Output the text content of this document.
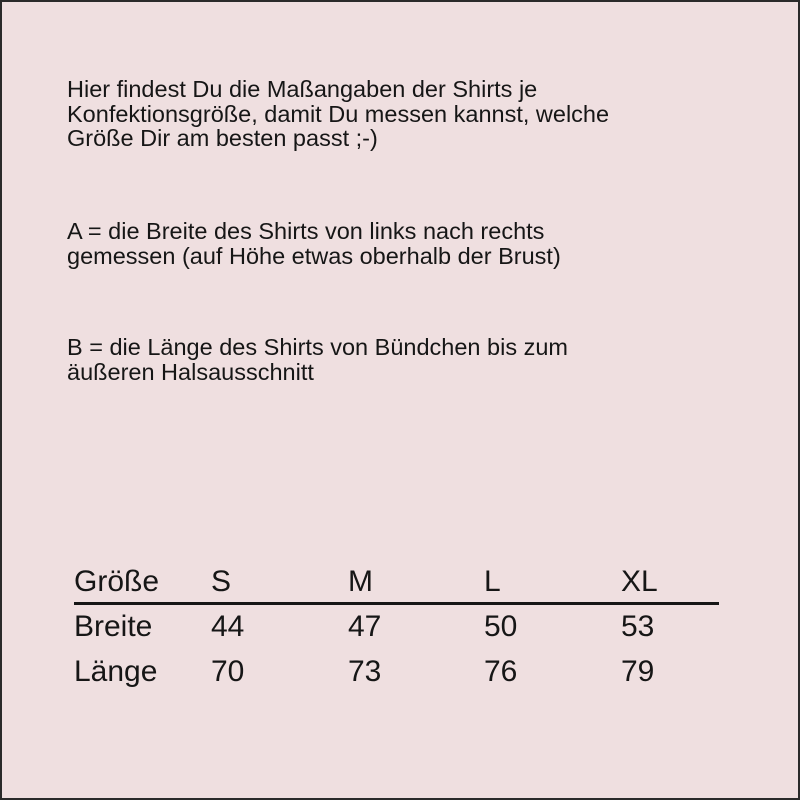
Hier findest Du die Maßangaben der Shirts je
Konfektionsgröße, damit Du messen kannst, welche
Größe Dir am besten passt ;-)

A = die Breite des Shirts von links nach rechts
gemessen (auf Höhe etwas oberhalb der Brust)

B = die Länge des Shirts von Bündchen bis zum
äußeren Halsausschnitt

Größe S	M	L	XL
Breite 44	47	50	53
Länge 70	73	76	79
